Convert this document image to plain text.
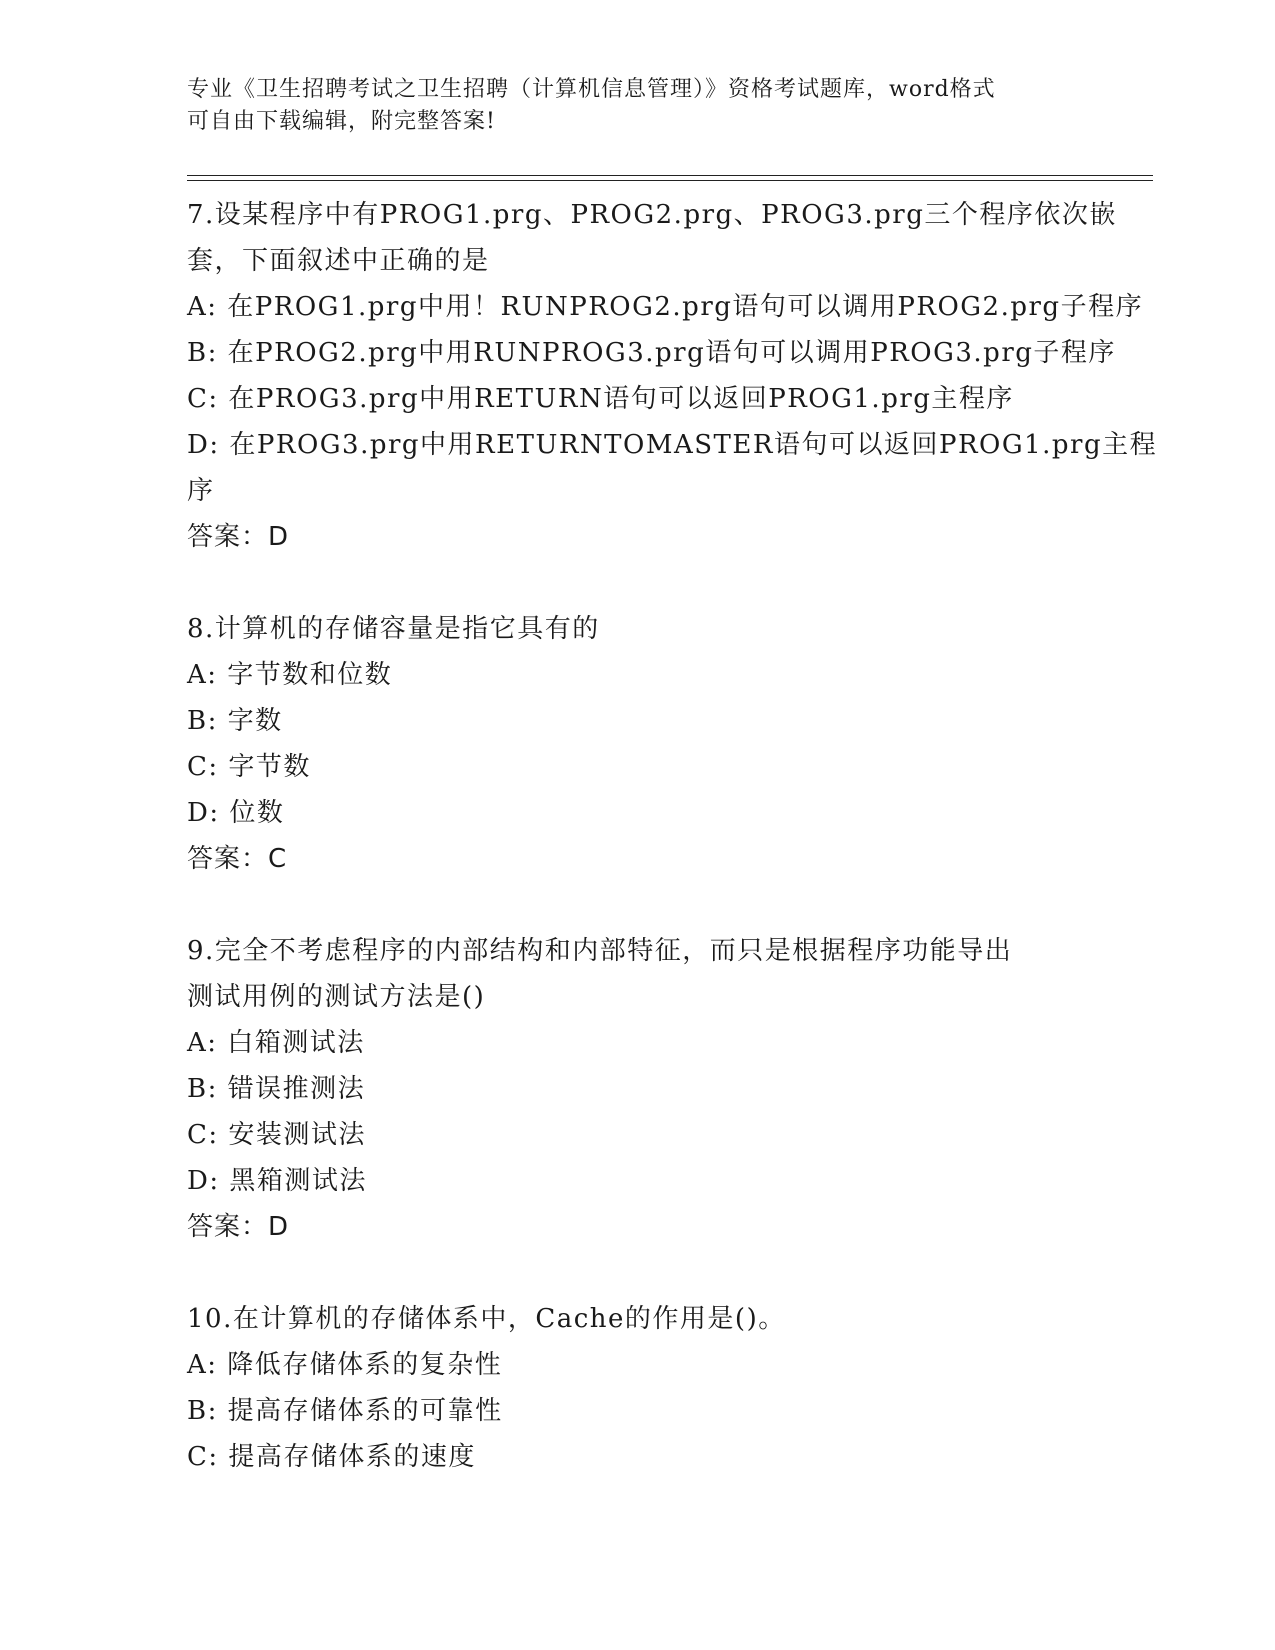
专业《卫生招聘考试之卫生招聘（计算机信息管理）》资格考试题库，word格式
可自由下载编辑，附完整答案!
7.设某程序中有PROG1.prg、PROG2.prg、PROG3.prg三个程序依次嵌
套，下面叙述中正确的是
A: 在PROG1.prg中用！RUNPROG2.prg语句可以调用PROG2.prg子程序
B: 在PROG2.prg中用RUNPROG3.prg语句可以调用PROG3.prg子程序
C: 在PROG3.prg中用RETURN语句可以返回PROG1.prg主程序
D: 在PROG3.prg中用RETURNTOMASTER语句可以返回PROG1.prg主程
序
答案：D
8.计算机的存储容量是指它具有的
A: 字节数和位数
B: 字数
C: 字节数
D: 位数
答案：C
9.完全不考虑程序的内部结构和内部特征，而只是根据程序功能导出
测试用例的测试方法是()
A: 白箱测试法
B: 错误推测法
C: 安装测试法
D: 黑箱测试法
答案：D
10.在计算机的存储体系中，Cache的作用是()。
A: 降低存储体系的复杂性
B: 提高存储体系的可靠性
C: 提高存储体系的速度
